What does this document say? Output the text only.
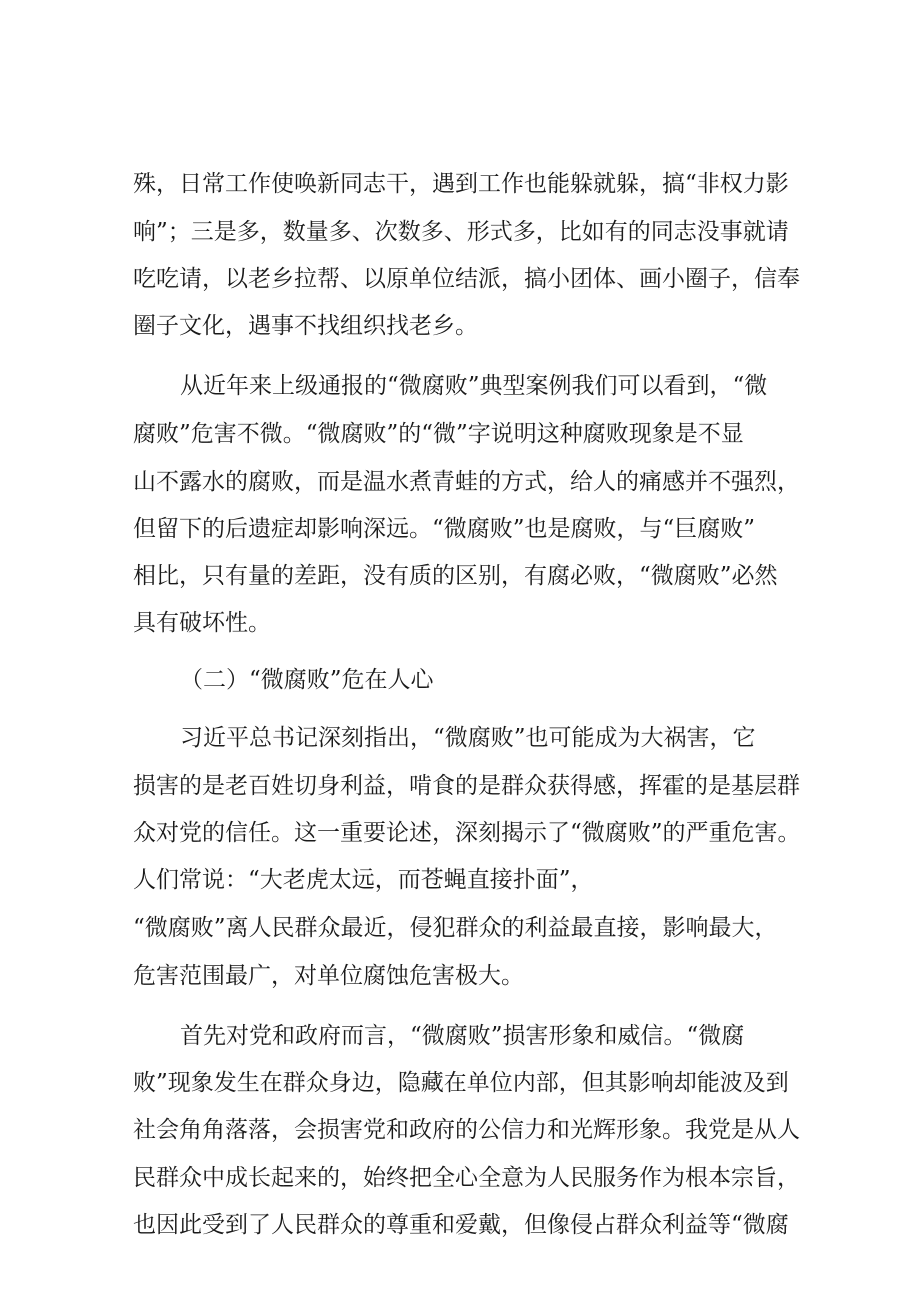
殊，日常工作使唤新同志干，遇到工作也能躲就躲，搞“非权力影

响”；三是多，数量多、次数多、形式多，比如有的同志没事就请

吃吃请，以老乡拉帮、以原单位结派，搞小团体、画小圈子，信奉

圈子文化，遇事不找组织找老乡。

从近年来上级通报的“微腐败”典型案例我们可以看到，“微

腐败”危害不微。“微腐败”的“微”字说明这种腐败现象是不显

山不露水的腐败，而是温水煮青蛙的方式，给人的痛感并不强烈，

但留下的后遗症却影响深远。“微腐败”也是腐败，与“巨腐败”

相比，只有量的差距，没有质的区别，有腐必败，“微腐败”必然

具有破坏性。

（二）“微腐败”危在人心

习近平总书记深刻指出，“微腐败”也可能成为大祸害，它

损害的是老百姓切身利益，啃食的是群众获得感，挥霍的是基层群

众对党的信任。这一重要论述，深刻揭示了“微腐败”的严重危害。

人们常说：“大老虎太远，而苍蝇直接扑面”，

“微腐败”离人民群众最近，侵犯群众的利益最直接，影响最大，

危害范围最广，对单位腐蚀危害极大。

首先对党和政府而言，“微腐败”损害形象和威信。“微腐

败”现象发生在群众身边，隐藏在单位内部，但其影响却能波及到

社会角角落落，会损害党和政府的公信力和光辉形象。我党是从人

民群众中成长起来的，始终把全心全意为人民服务作为根本宗旨，

也因此受到了人民群众的尊重和爱戴，但像侵占群众利益等“微腐
